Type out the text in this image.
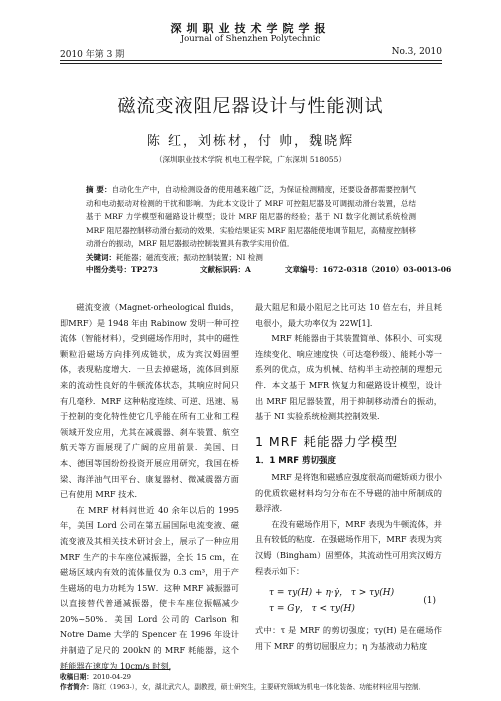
深圳职业技术学院学报
Journal of Shenzhen Polytechnic
2010 年第 3 期	No.3, 2010
磁流变液阻尼器设计与性能测试
陈 红，刘栋材，付 帅，魏晓辉
（深圳职业技术学院 机电工程学院，广东深圳 518055）
摘 要：自动化生产中，自动检测设备的使用越来越广泛，为保证检测精度，还要设备都需要控制气动和电动振动对检测的干扰和影响．为此本文设计了 MRF 可控阻尼器及可调振动滑台装置，总结基于 MRF 力学模型和磁路设计模型；设计 MRF 阻尼器的经验；基于 NI 数字化测试系统检测 MRF 阻尼器控制移动滑台振动的效果．实验结果证实 MRF 阻尼器能使地调节阻尼，高精度控制移动滑台的振动，MRF 阻尼器振动控制装置具有教学实用价值．
关键词：耗能器；磁流变液；振动控制装置；NI 检测
中图分类号：TP273	文献标识码：A	文章编号：1672-0318（2010）03-0013-06

磁流变液（Magnet-orheological fluids，即MRF）是 1948 年由 Rabinow 发明一种可控流体（智能材料），受到磁场作用时，其中的磁性颗粒沿磁场方向排列成链状，成为宾汉姆固塑体，表现粘度增大．一旦去掉磁场，流体回到原来的流动性良好的牛顿流体状态，其响应时间只有几毫秒．MRF 这种粘度连续、可逆、迅速、易于控制的变化特性使它几乎能在所有工业和工程领域开发应用，尤其在减震器、刹车装置、航空航天等方面展现了广阔的应用前景．美国、日本、德国等国纷纷投资开展应用研究，我国在桥梁、海洋油气田平台、康复器材、微减震器方面已有使用 MRF 技术．

在 MRF 材料问世近 40 余年以后的 1995 年，美国 Lord 公司在第五届国际电流变液、磁流变液及其相关技术研讨会上，展示了一种应用 MRF 生产的卡车座位减振器，全长 15 cm，在磁场区域内有效的流体量仅为 0.3 cm³，用于产生磁场的电力功耗为 15W．这种 MRF 减振器可以直接替代普通减振器，使卡车座位振幅减少 20%~50%．美国 Lord 公司的 Carlson 和 Notre Dame 大学的 Spencer 在 1996 年设计并制造了足尺的 200kN 的 MRF 耗能器，这个耗能器在速度为 10cm/s 时刻，

最大阻尼和最小阻尼之比可达 10 倍左右，并且耗电很小，最大功率仅为 22W[1]．

MRF 耗能器由于其装置简单、体积小、可实现连续变化、响应速度快（可达毫秒级）、能耗小等一系列的优点，成为机械、结构半主动控制的理想元件．本文基于 MFR 恢复力和磁路设计模型，设计出 MRF 阻尼器装置，用于抑制移动滑台的振动，基于 NI 实验系统检测其控制效果．

1 MRF 耗能器力学模型
1．1 MRF 剪切强度

MRF 是将饱和磁感应强度很高而磁矫顽力很小的优质软磁材料均匀分布在不导磁的油中所制成的悬浮液．

在没有磁场作用下，MRF 表现为牛顿流体，并且有较低的粘度．在强磁场作用下，MRF 表现为宾汉姆（Bingham）固塑体，其流动性可用宾汉姆方程表示如下：

τ = τy(H) + η·γ̇， τ > τy(H)
τ = Gγ， τ < τy(H)
(1)

式中：τ 是 MRF 的剪切强度；τy(H) 是在磁场作用下 MRF 的剪切屈服应力；η 为基液动力粘度

收稿日期：2010-04-29
作者简介：陈红（1963-），女，湖北武穴人，副教授，硕士研究生，主要研究领域为机电一体化装备、功能材料应用与控制．
